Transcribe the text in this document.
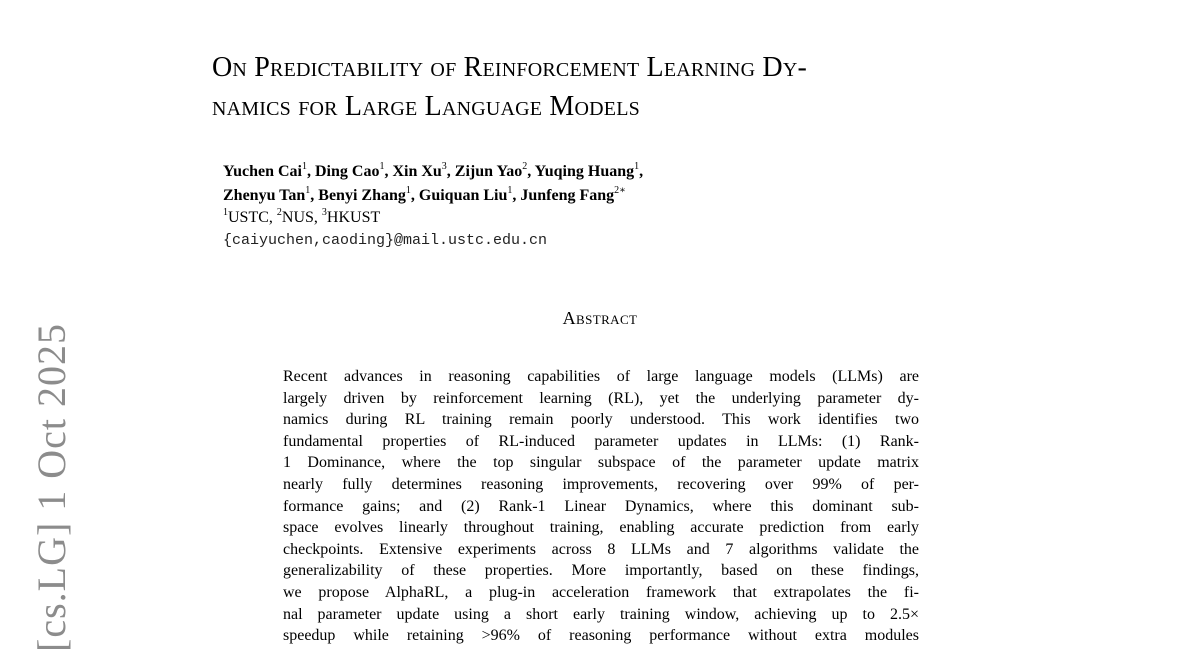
On Predictability of Reinforcement Learning Dy-
namics for Large Language Models
Yuchen Cai$^1$, Ding Cao$^1$, Xin Xu$^3$, Zijun Yao$^2$, Yuqing Huang$^1$,
Zhenyu Tan$^1$, Benyi Zhang$^1$, Guiquan Liu$^1$, Junfeng Fang$^{2∗}$
$^1$USTC, $^2$NUS, $^3$HKUST
{caiyuchen,caoding}@mail.ustc.edu.cn
Abstract

Recent advances in reasoning capabilities of large language models (LLMs) are
largely driven by reinforcement learning (RL), yet the underlying parameter dy-
namics during RL training remain poorly understood. This work identifies two
fundamental properties of RL-induced parameter updates in LLMs: (1) Rank-
1 Dominance, where the top singular subspace of the parameter update matrix
nearly fully determines reasoning improvements, recovering over 99% of per-
formance gains; and (2) Rank-1 Linear Dynamics, where this dominant sub-
space evolves linearly throughout training, enabling accurate prediction from early
checkpoints. Extensive experiments across 8 LLMs and 7 algorithms validate the
generalizability of these properties. More importantly, based on these findings,
we propose AlphaRL, a plug-in acceleration framework that extrapolates the fi-
nal parameter update using a short early training window, achieving up to 2.5×
speedup while retaining >96% of reasoning performance without extra modules

[cs.LG] 1 Oct 2025
